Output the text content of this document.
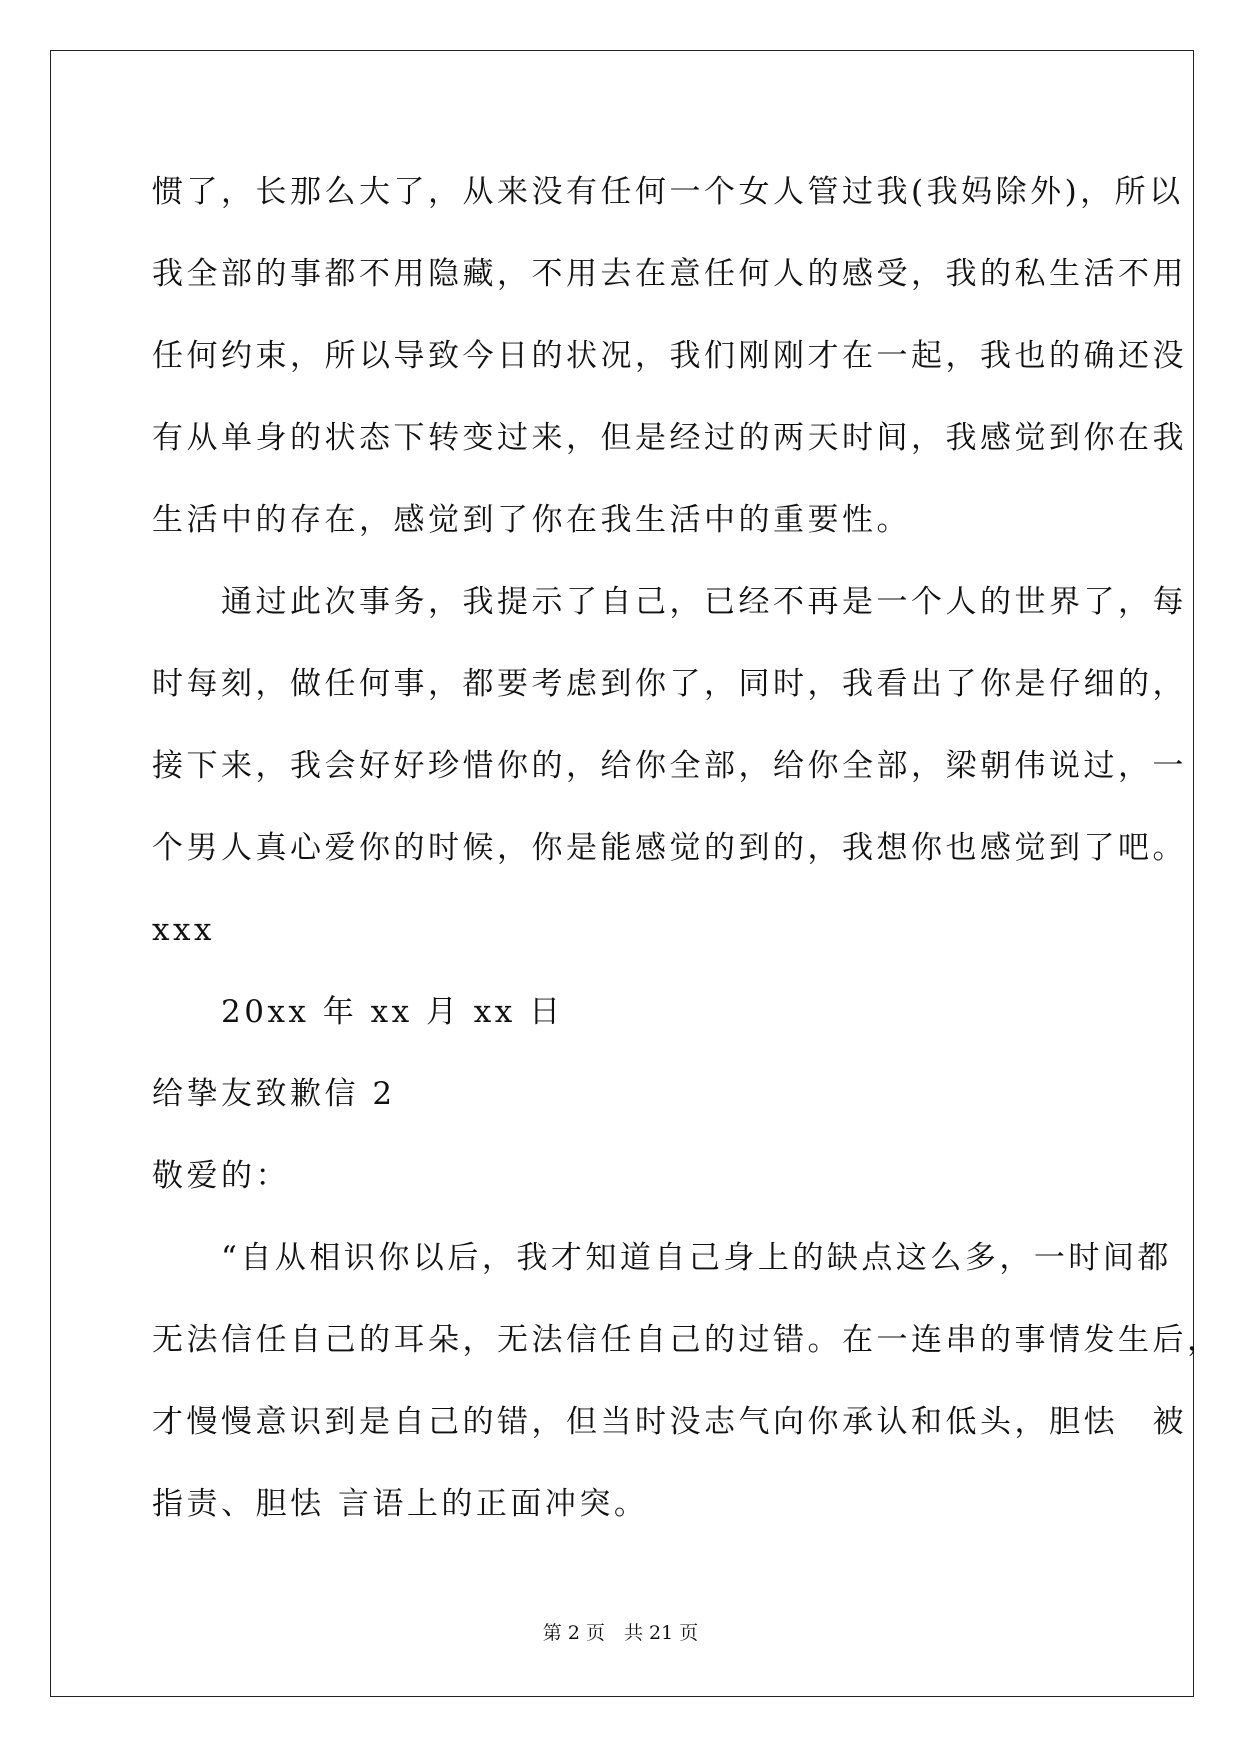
惯了，长那么大了，从来没有任何一个女人管过我(我妈除外)，所以

我全部的事都不用隐藏，不用去在意任何人的感受，我的私生活不用

任何约束，所以导致今日的状况，我们刚刚才在一起，我也的确还没

有从单身的状态下转变过来，但是经过的两天时间，我感觉到你在我

生活中的存在，感觉到了你在我生活中的重要性。

　　通过此次事务，我提示了自己，已经不再是一个人的世界了，每

时每刻，做任何事，都要考虑到你了，同时，我看出了你是仔细的，

接下来，我会好好珍惜你的，给你全部，给你全部，梁朝伟说过，一

个男人真心爱你的时候，你是能感觉的到的，我想你也感觉到了吧。

xxx

　　20xx 年 xx 月 xx 日

给挚友致歉信 2

敬爱的：

　　“自从相识你以后，我才知道自己身上的缺点这么多，一时间都

无法信任自己的耳朵，无法信任自己的过错。在一连串的事情发生后，

才慢慢意识到是自己的错，但当时没志气向你承认和低头，胆怯　被

指责、胆怯 言语上的正面冲突。

第 2 页　共 21 页
